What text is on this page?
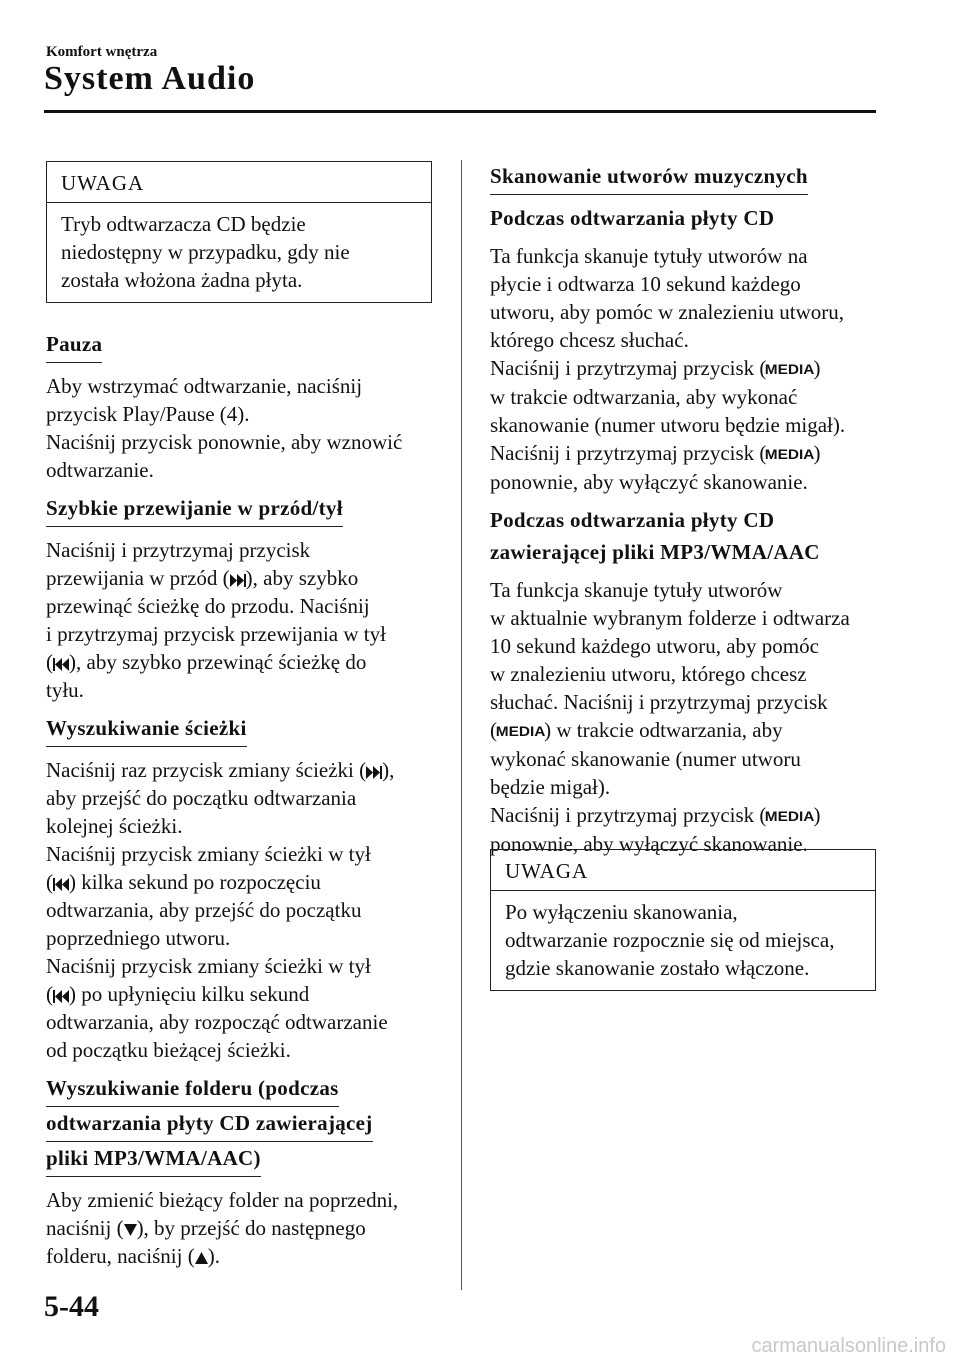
Komfort wnętrza
System Audio
UWAGA
Tryb odtwarzacza CD będzie
niedostępny w przypadku, gdy nie
została włożona żadna płyta.
Pauza

Aby wstrzymać odtwarzanie, naciśnij
przycisk Play/Pause (4).
Naciśnij przycisk ponownie, aby wznowić
odtwarzanie.

Szybkie przewijanie w przód/tył

Naciśnij i przytrzymaj przycisk
przewijania w przód ( ), aby szybko
przewinąć ścieżkę do przodu. Naciśnij
i przytrzymaj przycisk przewijania w tył
( ), aby szybko przewinąć ścieżkę do
tyłu.

Wyszukiwanie ścieżki

Naciśnij raz przycisk zmiany ścieżki ( ),
aby przejść do początku odtwarzania
kolejnej ścieżki.
Naciśnij przycisk zmiany ścieżki w tył
( ) kilka sekund po rozpoczęciu
odtwarzania, aby przejść do początku
poprzedniego utworu.
Naciśnij przycisk zmiany ścieżki w tył
( ) po upłynięciu kilku sekund
odtwarzania, aby rozpocząć odtwarzanie
od początku bieżącej ścieżki.

Wyszukiwanie folderu (podczas
odtwarzania płyty CD zawierającej
pliki MP3/WMA/AAC)

Aby zmienić bieżący folder na poprzedni,
naciśnij ( ), by przejść do następnego
folderu, naciśnij ( ).

Skanowanie utworów muzycznych
Podczas odtwarzania płyty CD

Ta funkcja skanuje tytuły utworów na
płycie i odtwarza 10 sekund każdego
utworu, aby pomóc w znalezieniu utworu,
którego chcesz słuchać.
Naciśnij i przytrzymaj przycisk (MEDIA)
w trakcie odtwarzania, aby wykonać
skanowanie (numer utworu będzie migał).
Naciśnij i przytrzymaj przycisk (MEDIA)
ponownie, aby wyłączyć skanowanie.

Podczas odtwarzania płyty CD
zawierającej pliki MP3/WMA/AAC

Ta funkcja skanuje tytuły utworów
w aktualnie wybranym folderze i odtwarza
10 sekund każdego utworu, aby pomóc
w znalezieniu utworu, którego chcesz
słuchać. Naciśnij i przytrzymaj przycisk
(MEDIA) w trakcie odtwarzania, aby
wykonać skanowanie (numer utworu
będzie migał).
Naciśnij i przytrzymaj przycisk (MEDIA)
ponownie, aby wyłączyć skanowanie.

UWAGA
Po wyłączeniu skanowania,
odtwarzanie rozpocznie się od miejsca,
gdzie skanowanie zostało włączone.
5-44
carmanualsonline.info
